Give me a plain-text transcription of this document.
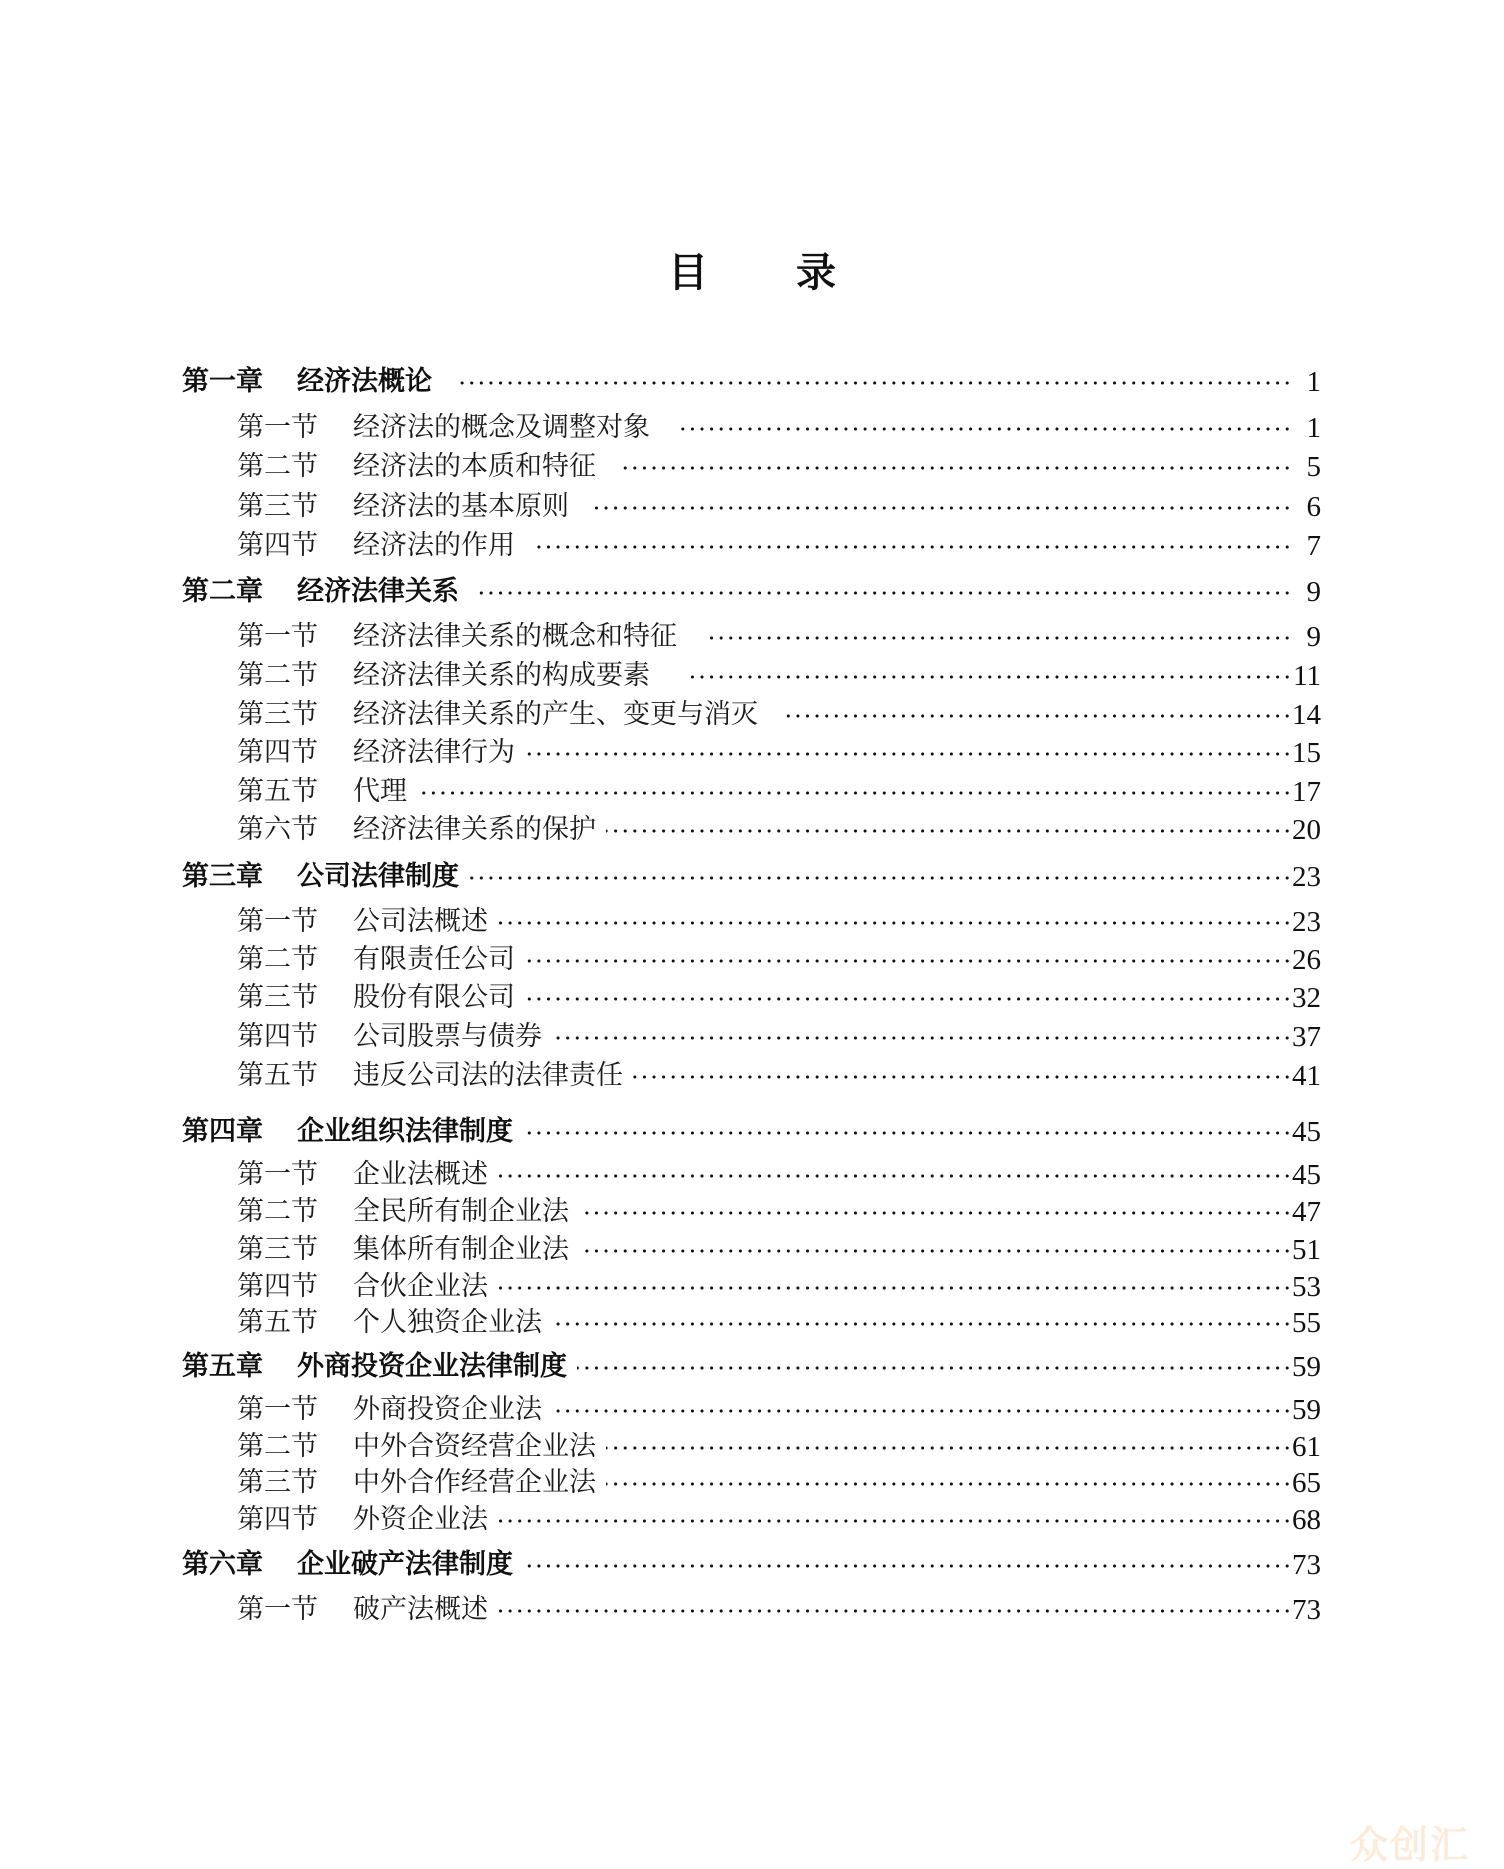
目 录
第一章 经济法概论	1
第一节 经济法的概念及调整对象	1
第二节 经济法的本质和特征	5
第三节 经济法的基本原则	6
第四节 经济法的作用	7
第二章 经济法律关系	9
第一节 经济法律关系的概念和特征	9
第二节 经济法律关系的构成要素	11
第三节 经济法律关系的产生、变更与消灭	14
第四节 经济法律行为	15
第五节 代理	17
第六节 经济法律关系的保护	20
第三章 公司法律制度	23
第一节 公司法概述	23
第二节 有限责任公司	26
第三节 股份有限公司	32
第四节 公司股票与债券	37
第五节 违反公司法的法律责任	41
第四章 企业组织法律制度	45
第一节 企业法概述	45
第二节 全民所有制企业法	47
第三节 集体所有制企业法	51
第四节 合伙企业法	53
第五节 个人独资企业法	55
第五章 外商投资企业法律制度	59
第一节 外商投资企业法	59
第二节 中外合资经营企业法	61
第三节 中外合作经营企业法	65
第四节 外资企业法	68
第六章 企业破产法律制度	73
第一节 破产法概述	73
众创汇
